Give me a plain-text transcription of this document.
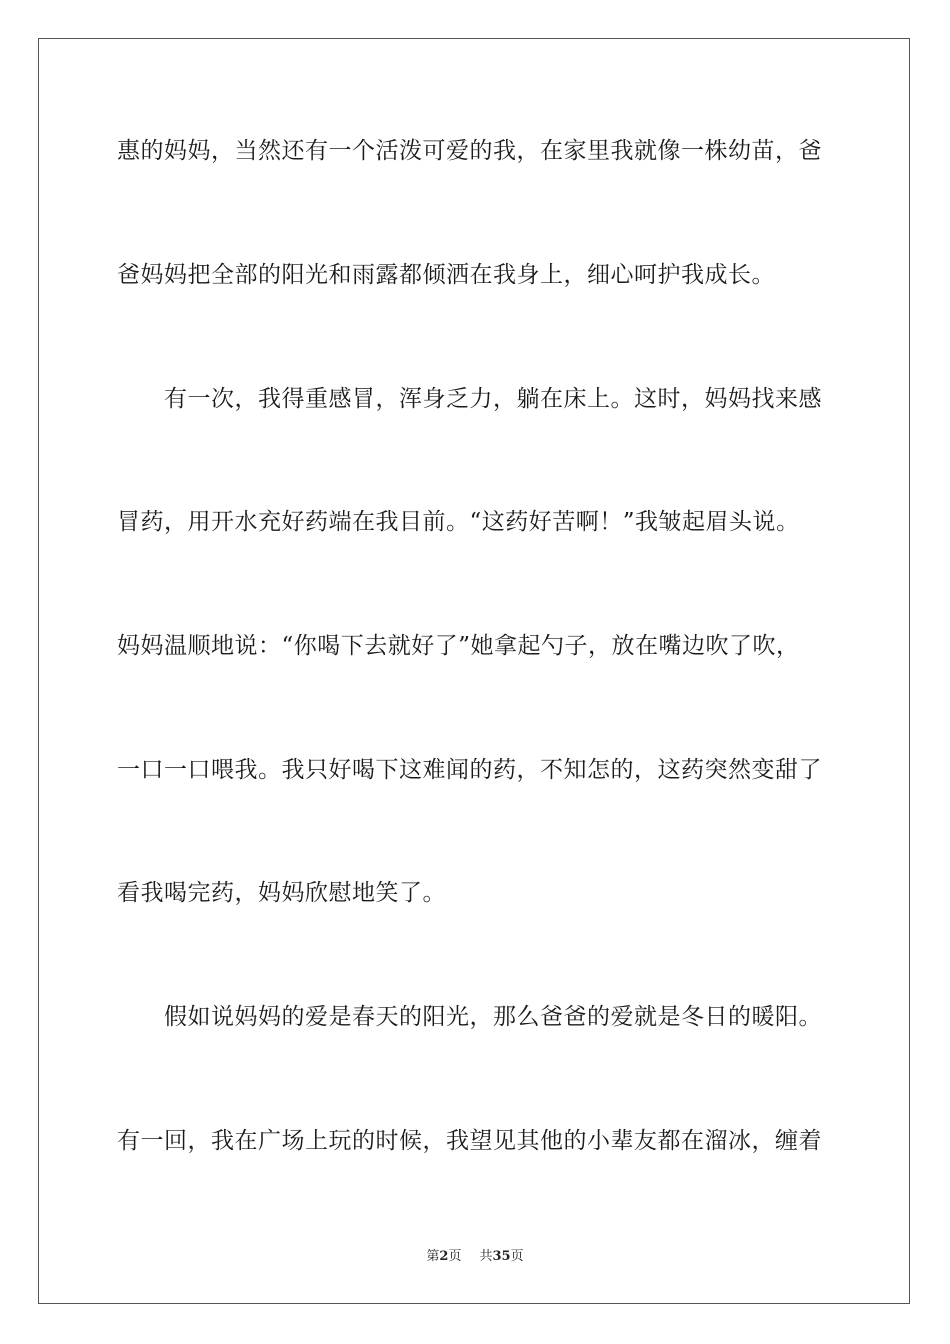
惠的妈妈，当然还有一个活泼可爱的我，在家里我就像一株幼苗，爸
爸妈妈把全部的阳光和雨露都倾洒在我身上，细心呵护我成长。
有一次，我得重感冒，浑身乏力，躺在床上。这时，妈妈找来感
冒药，用开水充好药端在我目前。“这药好苦啊！”我皱起眉头说。
妈妈温顺地说：“你喝下去就好了”她拿起勺子，放在嘴边吹了吹，
一口一口喂我。我只好喝下这难闻的药，不知怎的，这药突然变甜了
看我喝完药，妈妈欣慰地笑了。
假如说妈妈的爱是春天的阳光，那么爸爸的爱就是冬日的暖阳。
有一回，我在广场上玩的时候，我望见其他的小辈友都在溜冰，缠着
第2页 共35页
